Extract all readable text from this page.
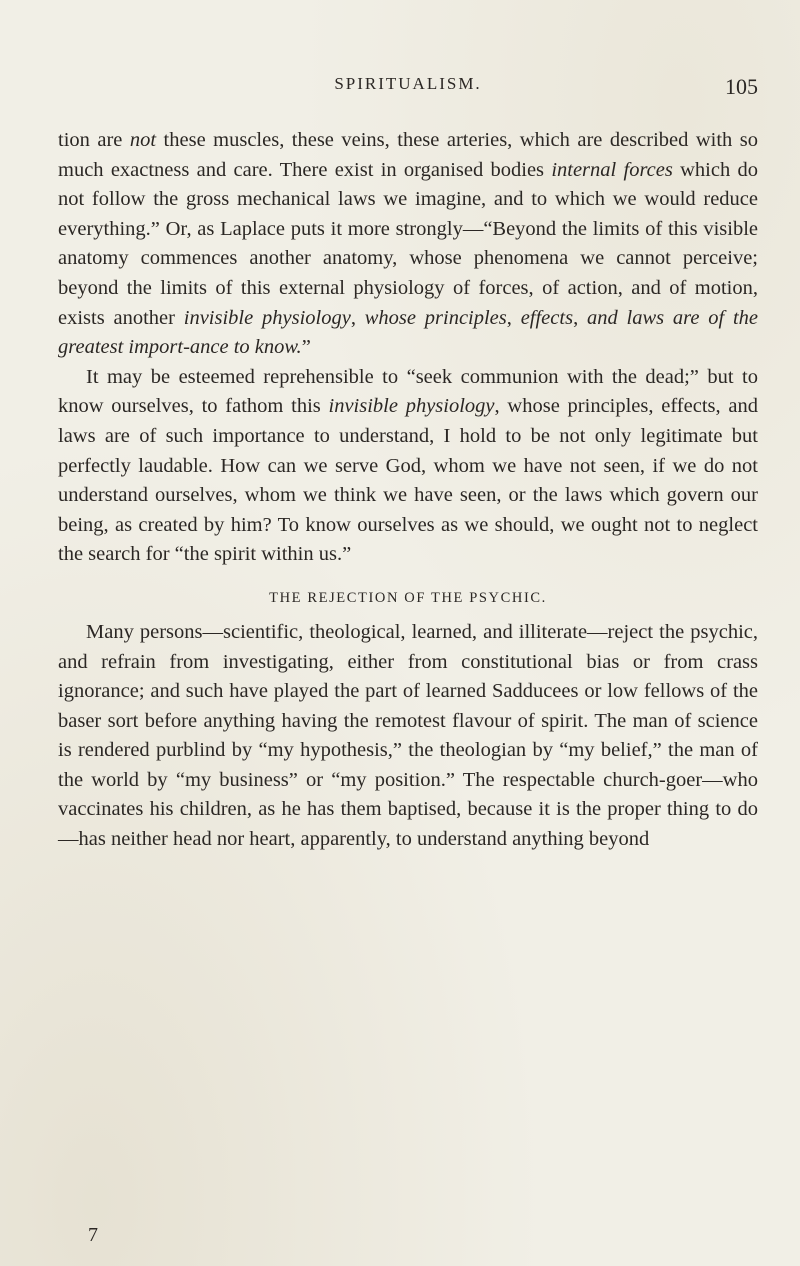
SPIRITUALISM.	105

tion are not these muscles, these veins, these arteries, which are described with so much exactness and care. There exist in organised bodies internal forces which do not follow the gross mechanical laws we imagine, and to which we would reduce everything.” Or, as Laplace puts it more strongly—“Beyond the limits of this visible anatomy commences another anatomy, whose phenomena we cannot perceive; beyond the limits of this external physiology of forces, of action, and of motion, exists another invisible physiology, whose principles, effects, and laws are of the greatest import-ance to know.”

It may be esteemed reprehensible to “seek communion with the dead;” but to know ourselves, to fathom this invisible physiology, whose principles, effects, and laws are of such importance to understand, I hold to be not only legitimate but perfectly laudable. How can we serve God, whom we have not seen, if we do not understand ourselves, whom we think we have seen, or the laws which govern our being, as created by him? To know ourselves as we should, we ought not to neglect the search for “the spirit within us.”

THE REJECTION OF THE PSYCHIC.

Many persons—scientific, theological, learned, and illiterate—reject the psychic, and refrain from investigating, either from constitutional bias or from crass ignorance; and such have played the part of learned Sadducees or low fellows of the baser sort before anything having the remotest flavour of spirit. The man of science is rendered purblind by “my hypothesis,” the theologian by “my belief,” the man of the world by “my business” or “my position.” The respectable church-goer—who vaccinates his children, as he has them baptised, because it is the proper thing to do—has neither head nor heart, apparently, to understand anything beyond

7
